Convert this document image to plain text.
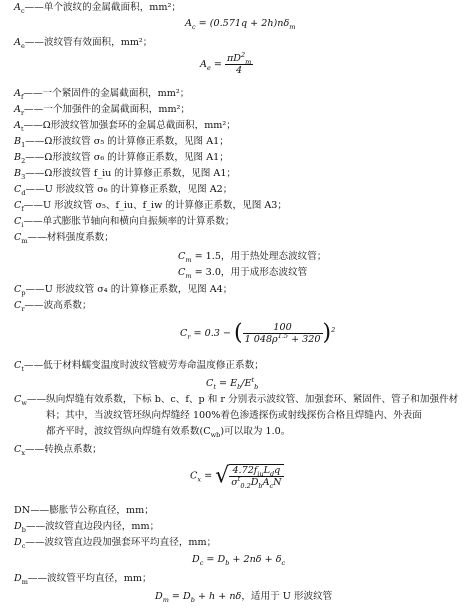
$A_c——$单个波纹的金属截面积，mm²；
$A_c = (0.571q + 2h)n\delta_m$
$A_e——$波纹管有效面积，mm²；
$A_e = \frac{\pi D^2_m}{4}$
$A_f——$一个紧固件的金属截面积，mm²；
$A_r——$一个加强件的金属截面积，mm²；
$A_t——\Omega$形波纹管加强套环的金属总截面积，mm²；
$B_1——\Omega$形波纹管 σ₅ 的计算修正系数，见图 A1；
$B_2——\Omega$形波纹管 σ₆ 的计算修正系数，见图 A1；
$B_3——\Omega$形波纹管 f_iu 的计算修正系数，见图 A1；
$C_d——U$ 形波纹管 σ₆ 的计算修正系数，见图 A2；
$C_f——U$ 形波纹管 σ₅、f_iu、f_iw 的计算修正系数，见图 A3；
$C_i——$单式膨胀节轴向和横向自振频率的计算系数；
$C_m——$材料强度系数；
$C_m = 1.5$，用于热处理态波纹管；
$C_m = 3.0$，用于成形态波纹管
$C_p——U$ 形波纹管 σ₄ 的计算修正系数，见图 A4；
$C_r——$波高系数；
$C_r = 0.3$ − ( $\frac{100}{1 048\rho^{1.5} + 320} )^2$
$C_t——$低于材料蠕变温度时波纹管疲劳寿命温度修正系数；
$C_t = E_b/E^t_b$
$C_w——$纵向焊缝有效系数，下标 b、c、f、p 和 r 分别表示波纹管、加强套环、紧固件、管子和加强件材
料；其中，当波纹管坯纵向焊缝经 100%着色渗透探伤或射线探伤合格且焊缝内、外表面
都齐平时，波纹管纵向焊缝有效系数$(C_{wb})$可以取为 1.0。
$C_x——$转换点系数；
$C_x$ = √ $\frac{4.72f_{iu}L_dq}{\sigma^t_{0.2}D_bA_cN}$
DN——膨胀节公称直径，mm；
$D_b——$波纹管直边段内径，mm；
$D_c——$波纹管直边段加强套环平均直径，mm；
$D_c = D_b + 2n\delta + \delta_c$
$D_m——$波纹管平均直径，mm；
$D_m = D_b + h + n\delta$，适用于 U 形波纹管
